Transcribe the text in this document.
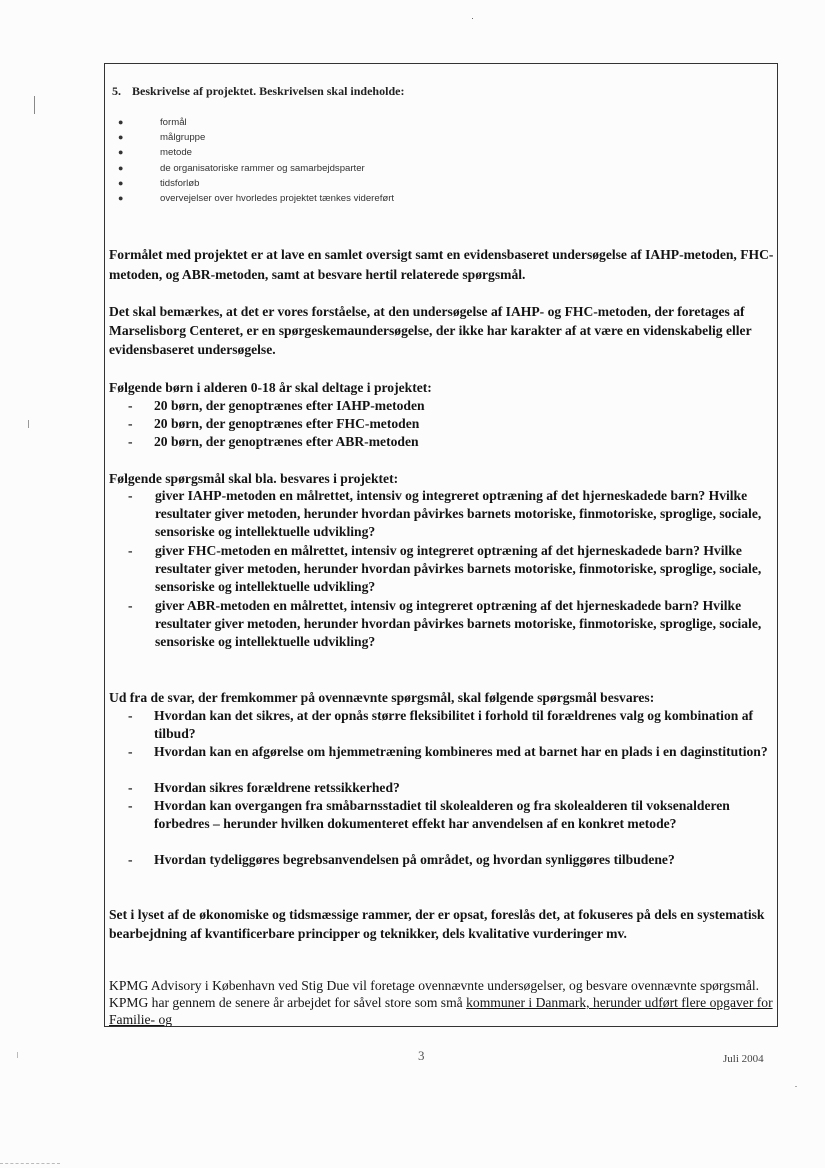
5. Beskrivelse af projektet. Beskrivelsen skal indeholde:
●	formål
●	målgruppe
●	metode
●	de organisatoriske rammer og samarbejdsparter
●	tidsforløb
●	overvejelser over hvorledes projektet tænkes videreført
Formålet med projektet er at lave en samlet oversigt samt en evidensbaseret undersøgelse af IAHP-metoden, FHC-metoden, og ABR-metoden, samt at besvare hertil relaterede spørgsmål.
Det skal bemærkes, at det er vores forståelse, at den undersøgelse af IAHP- og FHC-metoden, der foretages af Marselisborg Centeret, er en spørgeskemaundersøgelse, der ikke har karakter af at være en videnskabelig eller evidensbaseret undersøgelse.
Følgende børn i alderen 0-18 år skal deltage i projektet:
- 20 børn, der genoptrænes efter IAHP-metoden
- 20 børn, der genoptrænes efter FHC-metoden
- 20 børn, der genoptrænes efter ABR-metoden
Følgende spørgsmål skal bla. besvares i projektet:
- giver IAHP-metoden en målrettet, intensiv og integreret optræning af det hjerneskadede barn? Hvilke resultater giver metoden, herunder hvordan påvirkes barnets motoriske, finmotoriske, sproglige, sociale, sensoriske og intellektuelle udvikling?
- giver FHC-metoden en målrettet, intensiv og integreret optræning af det hjerneskadede barn? Hvilke resultater giver metoden, herunder hvordan påvirkes barnets motoriske, finmotoriske, sproglige, sociale, sensoriske og intellektuelle udvikling?
- giver ABR-metoden en målrettet, intensiv og integreret optræning af det hjerneskadede barn? Hvilke resultater giver metoden, herunder hvordan påvirkes barnets motoriske, finmotoriske, sproglige, sociale, sensoriske og intellektuelle udvikling?
Ud fra de svar, der fremkommer på ovennævnte spørgsmål, skal følgende spørgsmål besvares:
- Hvordan kan det sikres, at der opnås større fleksibilitet i forhold til forældrenes valg og kombination af tilbud?
- Hvordan kan en afgørelse om hjemmetræning kombineres med at barnet har en plads i en daginstitution?
- Hvordan sikres forældrene retssikkerhed?
- Hvordan kan overgangen fra småbarnsstadiet til skolealderen og fra skolealderen til voksenalderen forbedres – herunder hvilken dokumenteret effekt har anvendelsen af en konkret metode?
- Hvordan tydeliggøres begrebsanvendelsen på området, og hvordan synliggøres tilbudene?
Set i lyset af de økonomiske og tidsmæssige rammer, der er opsat, foreslås det, at fokuseres på dels en systematisk bearbejdning af kvantificerbare principper og teknikker, dels kvalitative vurderinger mv.
KPMG Advisory i København ved Stig Due vil foretage ovennævnte undersøgelser, og besvare ovennævnte spørgsmål. KPMG har gennem de senere år arbejdet for såvel store som små kommuner i Danmark, herunder udført flere opgaver for Familie- og
3	Juli 2004
